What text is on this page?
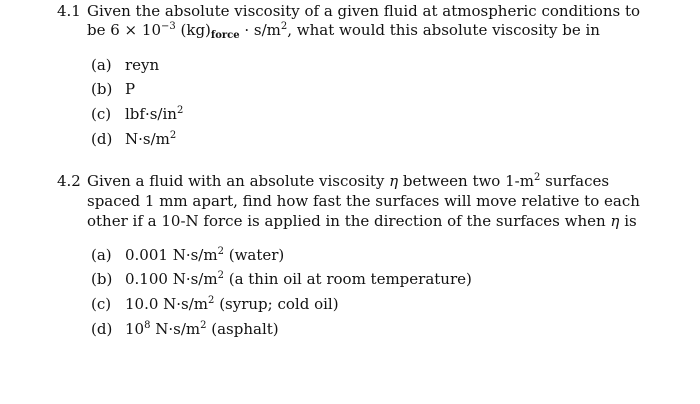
4.1 Given the absolute viscosity of a given fluid at atmospheric conditions to
be $6 \times 10^{-3}$ $(kg)_{force} \cdot s/m^2$, what would this absolute viscosity be in
(a) reyn
(b) P
(c) $lbf\cdot s/in^2$
(d) $N\cdot s/m^2$
4.2 Given a fluid with an absolute viscosity η between two $1-m^2$ surfaces
spaced 1 mm apart, find how fast the surfaces will move relative to each
other if a 10-N force is applied in the direction of the surfaces when η is
(a) 0.001 $N\cdot s/m^2$ (water)
(b) 0.100 $N\cdot s/m^2$ (a thin oil at room temperature)
(c) 10.0 $N\cdot s/m^2$ (syrup; cold oil)
(d) $10^8$ $N\cdot s/m^2$ (asphalt)
